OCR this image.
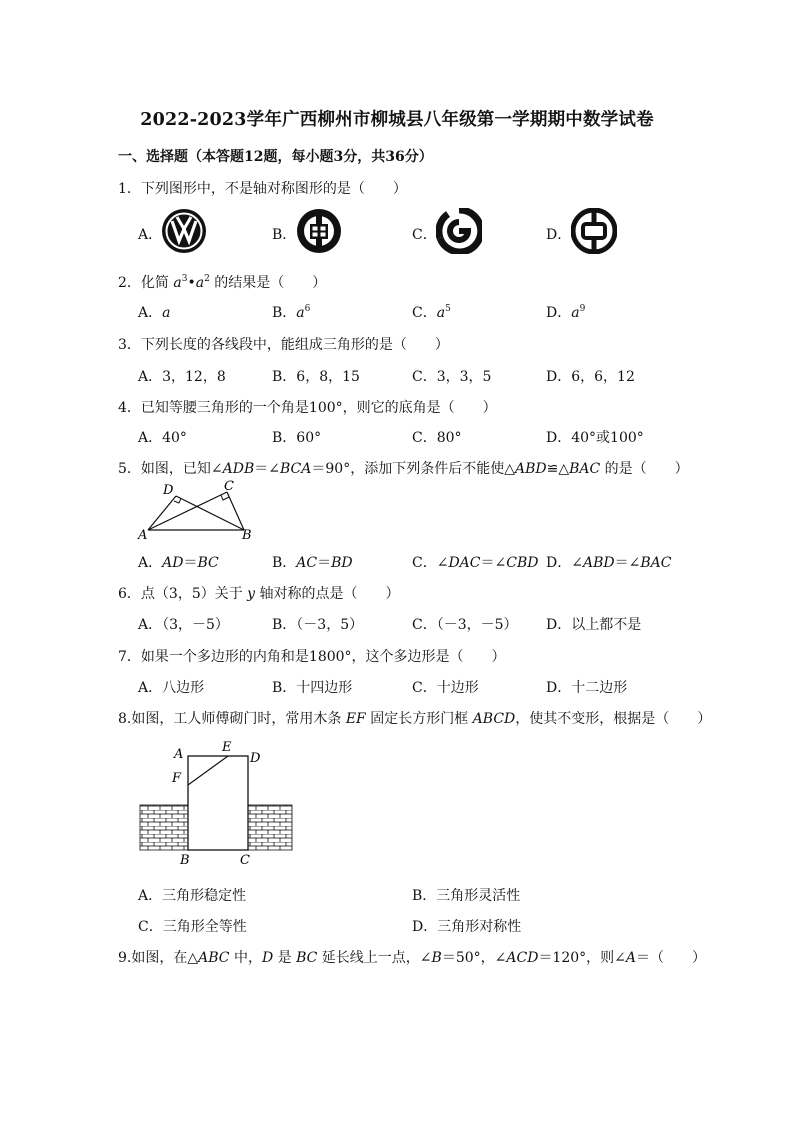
2022-2023学年广西柳州市柳城县八年级第一学期期中数学试卷
一、选择题（本答题12题，每小题3分，共36分）
1．下列图形中，不是轴对称图形的是（　　）
A．	B．	C．	D．
2．化简 $a^3•a^2$ 的结果是（　　）
A．a	B．$a^6$	C．$a^5$	D．$a^9$
3．下列长度的各线段中，能组成三角形的是（　　）
A．3，12，8	B．6，8，15	C．3，3，5	D．6，6，12
4．已知等腰三角形的一个角是100°，则它的底角是（　　）
A．40°	B．60°	C．80°	D．40°或100°
5．如图，已知∠ADB＝∠BCA＝90°，添加下列条件后不能使△ABD≌△BAC 的是（　　）
D	C
A	B
A．AD＝BC	B．AC＝BD	C．∠DAC＝∠CBD D．∠ABD＝∠BAC
6．点（3，5）关于 y 轴对称的点是（　　）
A．（3，－5）	B．（－3，5）	C．（－3，－5） D．以上都不是
7．如果一个多边形的内角和是1800°，这个多边形是（　　）
A．八边形	B．十四边形	C．十边形	D．十二边形
8.如图，工人师傅砌门时，常用木条 EF 固定长方形门框 ABCD，使其不变形，根据是（　　）
A	E
D
F
B	C
A．三角形稳定性	B．三角形灵活性
C．三角形全等性	D．三角形对称性
9.如图，在△ABC 中，D 是 BC 延长线上一点，∠B＝50°，∠ACD＝120°，则∠A＝（　　）
